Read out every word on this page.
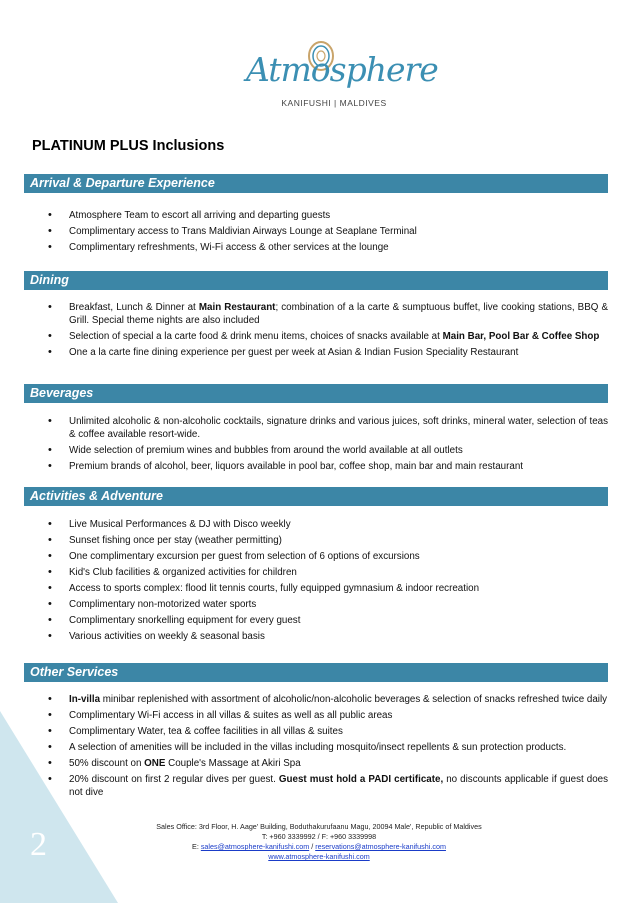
2
Atmosphere
KANIFUSHI | MALDIVES
PLATINUM PLUS Inclusions
Arrival & Departure Experience
• Atmosphere Team to escort all arriving and departing guests
• Complimentary access to Trans Maldivian Airways Lounge at Seaplane Terminal
• Complimentary refreshments, Wi-Fi access & other services at the lounge
Dining
• Breakfast, Lunch & Dinner at Main Restaurant; combination of a la carte & sumptuous buffet, live cooking stations, BBQ & Grill. Special theme nights are also included
• Selection of special a la carte food & drink menu items, choices of snacks available at Main Bar, Pool Bar & Coffee Shop
• One a la carte fine dining experience per guest per week at Asian & Indian Fusion Speciality Restaurant
Beverages
• Unlimited alcoholic & non-alcoholic cocktails, signature drinks and various juices, soft drinks, mineral water, selection of teas & coffee available resort-wide.
• Wide selection of premium wines and bubbles from around the world available at all outlets
• Premium brands of alcohol, beer, liquors available in pool bar, coffee shop, main bar and main restaurant
Activities & Adventure
• Live Musical Performances & DJ with Disco weekly
• Sunset fishing once per stay (weather permitting)
• One complimentary excursion per guest from selection of 6 options of excursions
• Kid's Club facilities & organized activities for children
• Access to sports complex: flood lit tennis courts, fully equipped gymnasium & indoor recreation
• Complimentary non-motorized water sports
• Complimentary snorkelling equipment for every guest
• Various activities on weekly & seasonal basis
Other Services
• In-villa minibar replenished with assortment of alcoholic/non-alcoholic beverages & selection of snacks refreshed twice daily
• Complimentary Wi-Fi access in all villas & suites as well as all public areas
• Complimentary Water, tea & coffee facilities in all villas & suites
• A selection of amenities will be included in the villas including mosquito/insect repellents & sun protection products.
• 50% discount on ONE Couple's Massage at Akiri Spa
• 20% discount on first 2 regular dives per guest. Guest must hold a PADI certificate, no discounts applicable if guest does not dive
Sales Office: 3rd Floor, H. Aage' Building, Boduthakurufaanu Magu, 20094 Male', Republic of Maldives
T: +960 3339992 / F: +960 3339998
E: sales@atmosphere-kanifushi.com / reservations@atmosphere-kanifushi.com
www.atmosphere-kanifushi.com
